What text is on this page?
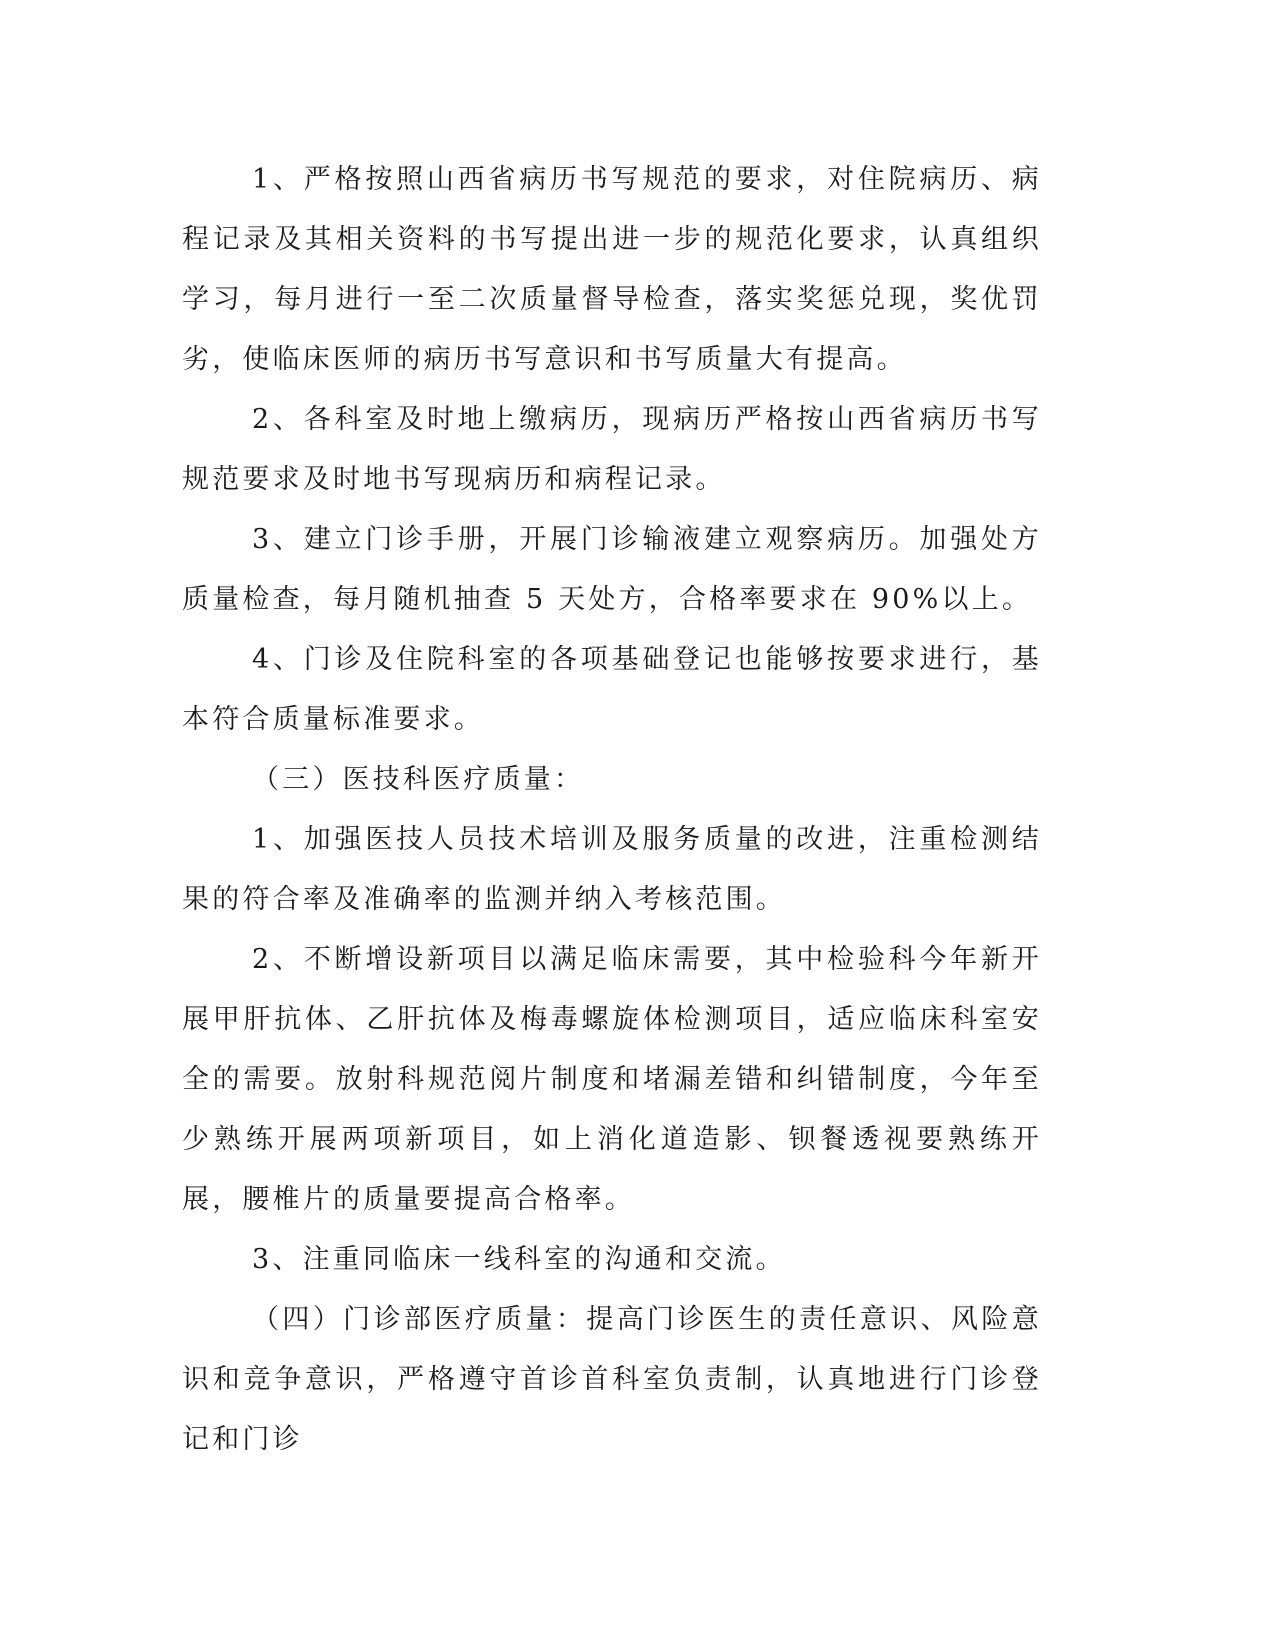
1、严格按照山西省病历书写规范的要求，对住院病历、病程记录及其相关资料的书写提出进一步的规范化要求，认真组织学习，每月进行一至二次质量督导检查，落实奖惩兑现，奖优罚劣，使临床医师的病历书写意识和书写质量大有提高。

2、各科室及时地上缴病历，现病历严格按山西省病历书写规范要求及时地书写现病历和病程记录。

3、建立门诊手册，开展门诊输液建立观察病历。加强处方质量检查，每月随机抽查 5 天处方，合格率要求在 90%以上。

4、门诊及住院科室的各项基础登记也能够按要求进行，基本符合质量标准要求。

（三）医技科医疗质量：

1、加强医技人员技术培训及服务质量的改进，注重检测结果的符合率及准确率的监测并纳入考核范围。

2、不断增设新项目以满足临床需要，其中检验科今年新开展甲肝抗体、乙肝抗体及梅毒螺旋体检测项目，适应临床科室安全的需要。放射科规范阅片制度和堵漏差错和纠错制度，今年至少熟练开展两项新项目，如上消化道造影、钡餐透视要熟练开展，腰椎片的质量要提高合格率。

3、注重同临床一线科室的沟通和交流。

（四）门诊部医疗质量：提高门诊医生的责任意识、风险意识和竞争意识，严格遵守首诊首科室负责制，认真地进行门诊登记和门诊
